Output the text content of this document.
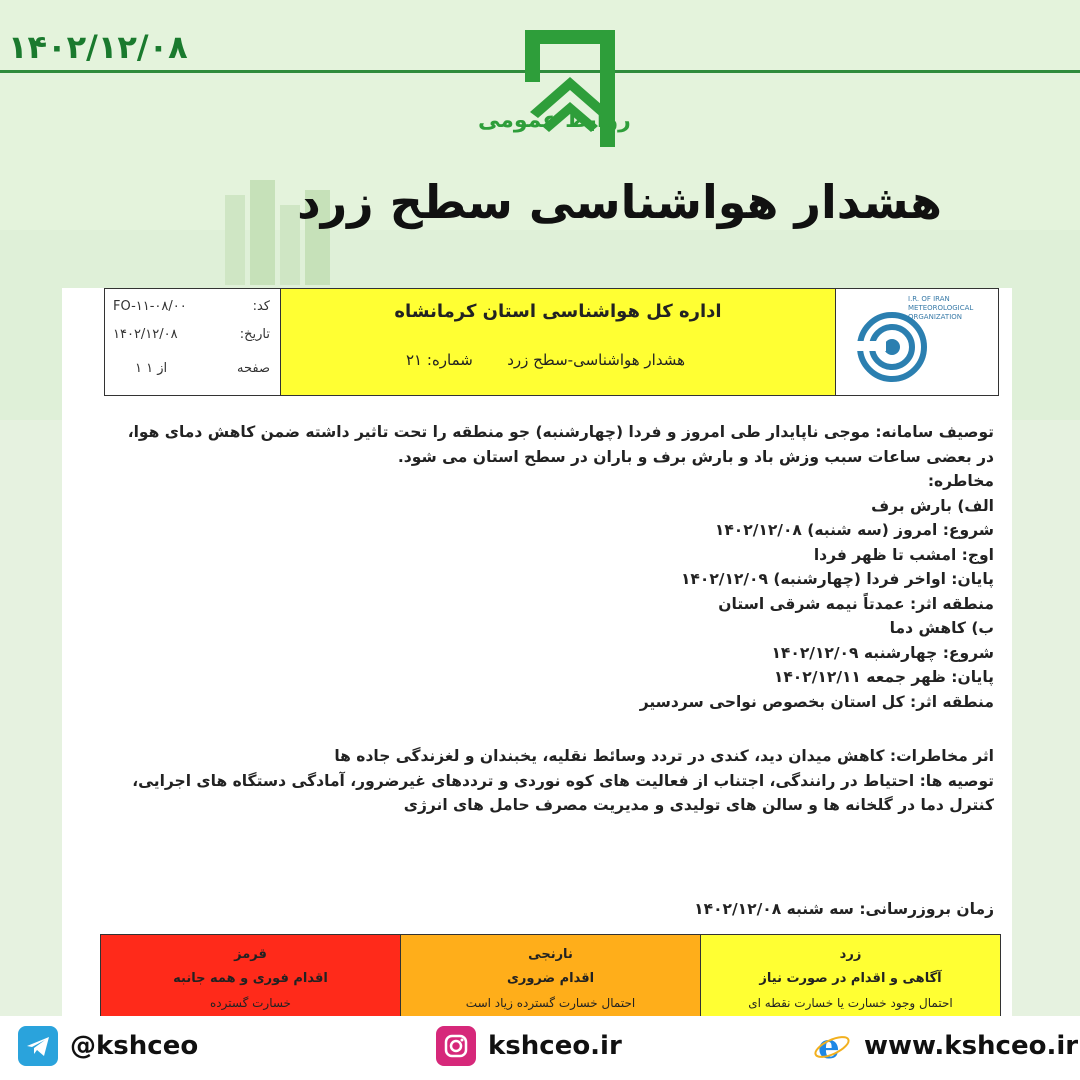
۱۴۰۲/۱۲/۰۸
روابط عمومی
هشدار هواشناسی سطح زرد
I.R. OF IRAN METEOROLOGICAL ORGANIZATION
اداره کل هواشناسی استان کرمانشاه
هشدار هواشناسی-سطح زرد
شماره: ۲۱
کد:
FO-۱۱-۰۸/۰۰
تاریخ:
۱۴۰۲/۱۲/۰۸
صفحه
۱ از ۱

توصیف سامانه: موجی ناپایدار طی امروز و فردا (چهارشنبه) جو منطقه را تحت تاثیر داشته ضمن کاهش دمای هوا،

در بعضی ساعات سبب وزش باد و بارش برف و باران در سطح استان می شود.

مخاطره:

الف) بارش برف

شروع: امروز (سه شنبه) ۱۴۰۲/۱۲/۰۸

اوج: امشب تا ظهر فردا

پایان: اواخر فردا (چهارشنبه) ۱۴۰۲/۱۲/۰۹

منطقه اثر: عمدتاً نیمه شرقی استان

ب) کاهش دما

شروع: چهارشنبه ۱۴۰۲/۱۲/۰۹

پایان: ظهر جمعه ۱۴۰۲/۱۲/۱۱

منطقه اثر: کل استان بخصوص نواحی سردسیر

اثر مخاطرات: کاهش میدان دید، کندی در تردد وسائط نقلیه، یخبندان و لغزندگی جاده ها

توصیه ها: احتیاط در رانندگی، اجتناب از فعالیت های کوه نوردی و ترددهای غیرضرور، آمادگی دستگاه های اجرایی،

کنترل دما در گلخانه ها و سالن های تولیدی و مدیریت مصرف حامل های انرژی

زمان بروزرسانی: سه شنبه ۱۴۰۲/۱۲/۰۸
زرد
آگاهی و اقدام در صورت نیاز
احتمال وجود خسارت یا خسارت نقطه ای
نارنجی
اقدام ضروری
احتمال خسارت گسترده زیاد است
قرمز
اقدام فوری و همه جانبه
خسارت گسترده
@kshceo	kshceo.ir	e www.kshceo.ir
